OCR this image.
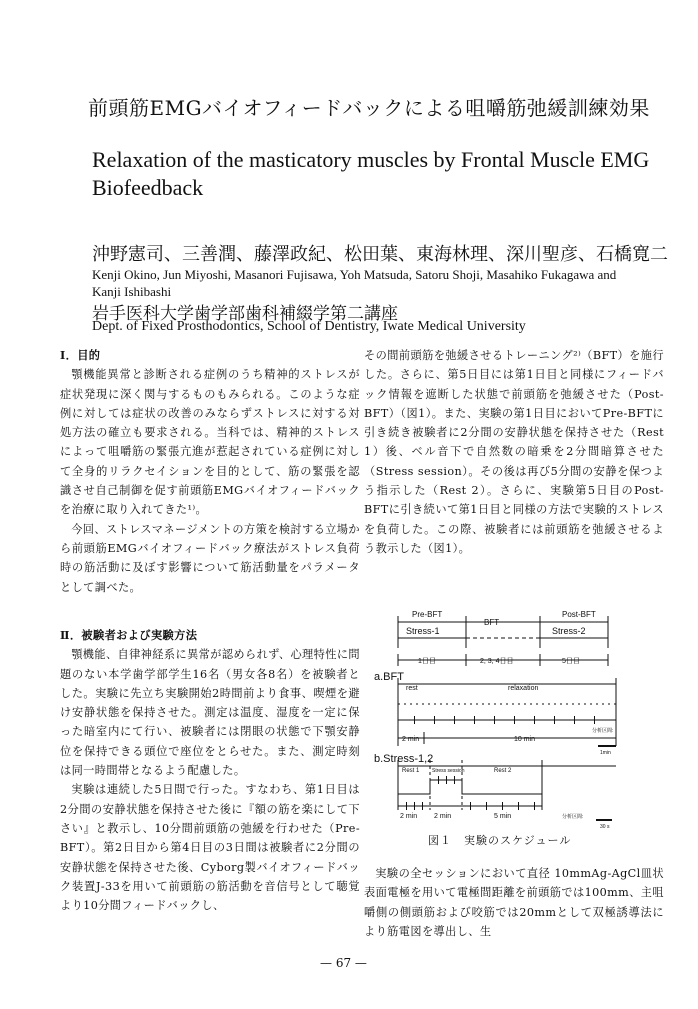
前頭筋EMGバイオフィードバックによる咀嚼筋弛緩訓練効果
Relaxation of the masticatory muscles by Frontal Muscle EMG Biofeedback
沖野憲司、三善潤、藤澤政紀、松田葉、東海林理、深川聖彦、石橋寛二
Kenji Okino, Jun Miyoshi, Masanori Fujisawa, Yoh Matsuda, Satoru Shoji, Masahiko Fukagawa and Kanji Ishibashi
岩手医科大学歯学部歯科補綴学第二講座
Dept. of Fixed Prosthodontics, School of Dentistry, Iwate Medical University

Ⅰ．目的

顎機能異常と診断される症例のうち精神的ストレスが症状発現に深く関与するものもみられる。このような症例に対しては症状の改善のみならずストレスに対する対処方法の確立も要求される。当科では、精神的ストレスによって咀嚼筋の緊張亢進が惹起されている症例に対して全身的リラクセイションを目的として、筋の緊張を認識させ自己制御を促す前頭筋EMGバイオフィードバックを治療に取り入れてきた¹⁾。

今回、ストレスマネージメントの方策を検討する立場から前頭筋EMGバイオフィードバック療法がストレス負荷時の筋活動に及ぼす影響について筋活動量をパラメータとして調べた。

Ⅱ．被験者および実験方法

顎機能、自律神経系に異常が認められず、心理特性に問題のない本学歯学部学生16名（男女各8名）を被験者とした。実験に先立ち実験開始2時間前より食事、喫煙を避け安静状態を保持させた。測定は温度、湿度を一定に保った暗室内にて行い、被験者には閉眼の状態で下顎安静位を保持できる頭位で座位をとらせた。また、測定時刻は同一時間帯となるよう配慮した。

実験は連続した5日間で行った。すなわち、第1日目は2分間の安静状態を保持させた後に『額の筋を楽にして下さい』と教示し、10分間前頭筋の弛緩を行わせた（Pre-BFT）。第2日目から第4日目の3日間は被験者に2分間の安静状態を保持させた後、Cyborg製バイオフィードバック装置J-33を用いて前頭筋の筋活動を音信号として聴覚より10分間フィードバックし、

その間前頭筋を弛緩させるトレーニング²⁾（BFT）を施行した。さらに、第5日目には第1日目と同様にフィードバック情報を遮断した状態で前頭筋を弛緩させた（Post-BFT）（図1）。また、実験の第1日目においてPre-BFTに引き続き被験者に2分間の安静状態を保持させた（Rest 1）後、ベル音下で自然数の暗乗を2分間暗算させた（Stress session）。その後は再び5分間の安静を保つよう指示した（Rest 2）。さらに、実験第5日目のPost-BFTに引き続いて第1日目と同様の方法で実験的ストレスを負荷した。この際、被験者には前頭筋を弛緩させるよう教示した（図1）。

Pre-BFT
BFT
Post-BFT
Stress-1	Stress-2
1日目	2, 3, 4日目	5日目
a.BFT
rest	relaxation
2 min	10 min
分析区間:
1min
b.Stress-1,2
Rest 1	Stress session	Rest 2
2 min 2 min	5 min	分析区間:
30 s
図１　実験のスケジュール

実験の全セッションにおいて直径 10mmAg-AgCl皿状表面電極を用いて電極間距離を前頭筋では100mm、主咀嚼側の側頭筋および咬筋では20mmとして双極誘導法により筋電図を導出し、生

— 67 —
